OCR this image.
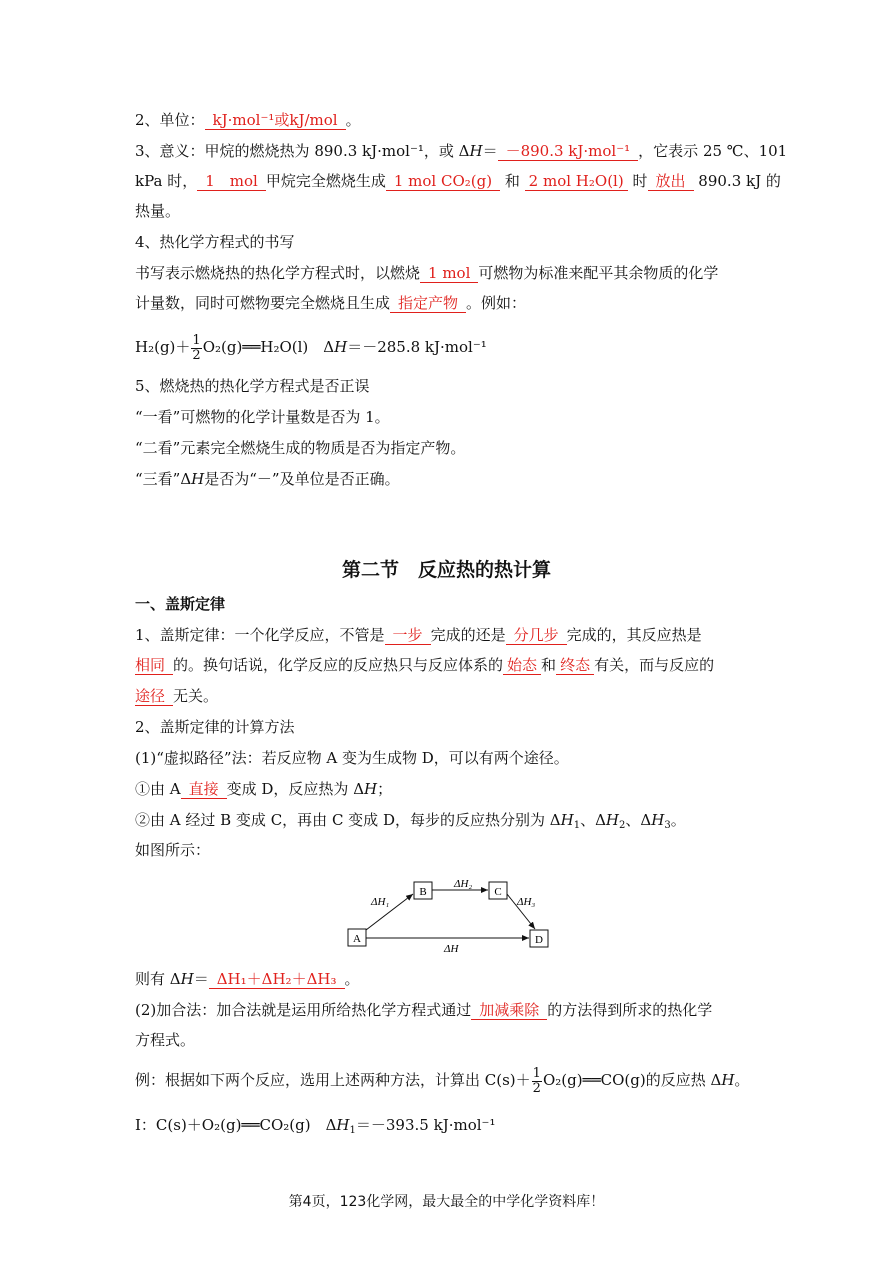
2、单位： kJ·mol⁻¹或kJ/mol 。
3、意义：甲烷的燃烧热为 890.3 kJ·mol⁻¹，或 ΔH＝ －890.3 kJ·mol⁻¹ ，它表示 25 ℃、101
kPa 时， 1　mol 甲烷完全燃烧生成 1 mol CO₂(g) 和 2 mol H₂O(l) 时 放出 890.3 kJ 的
热量。
4、热化学方程式的书写
书写表示燃烧热的热化学方程式时，以燃烧 1 mol 可燃物为标准来配平其余物质的化学
计量数，同时可燃物要完全燃烧且生成 指定产物 。例如：
$H_2(g)+ \frac{1}{2}$ O₂(g)══H₂O(l)　ΔH＝－285.8 kJ·mol⁻¹
5、燃烧热的热化学方程式是否正误
“一看”可燃物的化学计量数是否为 1。
“二看”元素完全燃烧生成的物质是否为指定产物。
“三看”ΔH是否为“－”及单位是否正确。
第二节　反应热的热计算
一、盖斯定律
1、盖斯定律：一个化学反应，不管是 一步 完成的还是 分几步 完成的，其反应热是
相同 的。换句话说，化学反应的反应热只与反应体系的 始态 和 终态 有关，而与反应的
途径 无关。
2、盖斯定律的计算方法
(1)“虚拟路径”法：若反应物 A 变为生成物 D，可以有两个途径。
①由 A 直接 变成 D，反应热为 ΔH；
②由 A 经过 B 变成 C，再由 C 变成 D，每步的反应热分别为 $\Delta H_1$、$\Delta H_2$、$\Delta H_3$。
如图所示：
A
B	C
D
ΔH₁
ΔH₂
ΔH₃
ΔH
则有 ΔH＝ ΔH₁＋ΔH₂＋ΔH₃ 。
(2)加合法：加合法就是运用所给热化学方程式通过 加减乘除 的方法得到所求的热化学
方程式。
例：根据如下两个反应，选用上述两种方法，计算出 $C(s)+ \frac{1}{2}$ O₂(g)══CO(g)的反应热 ΔH。
I：C(s)＋O₂(g)══CO₂(g)　$\Delta H_1=-393.5$ kJ·mol⁻¹
第4页，123化学网，最大最全的中学化学资料库！
